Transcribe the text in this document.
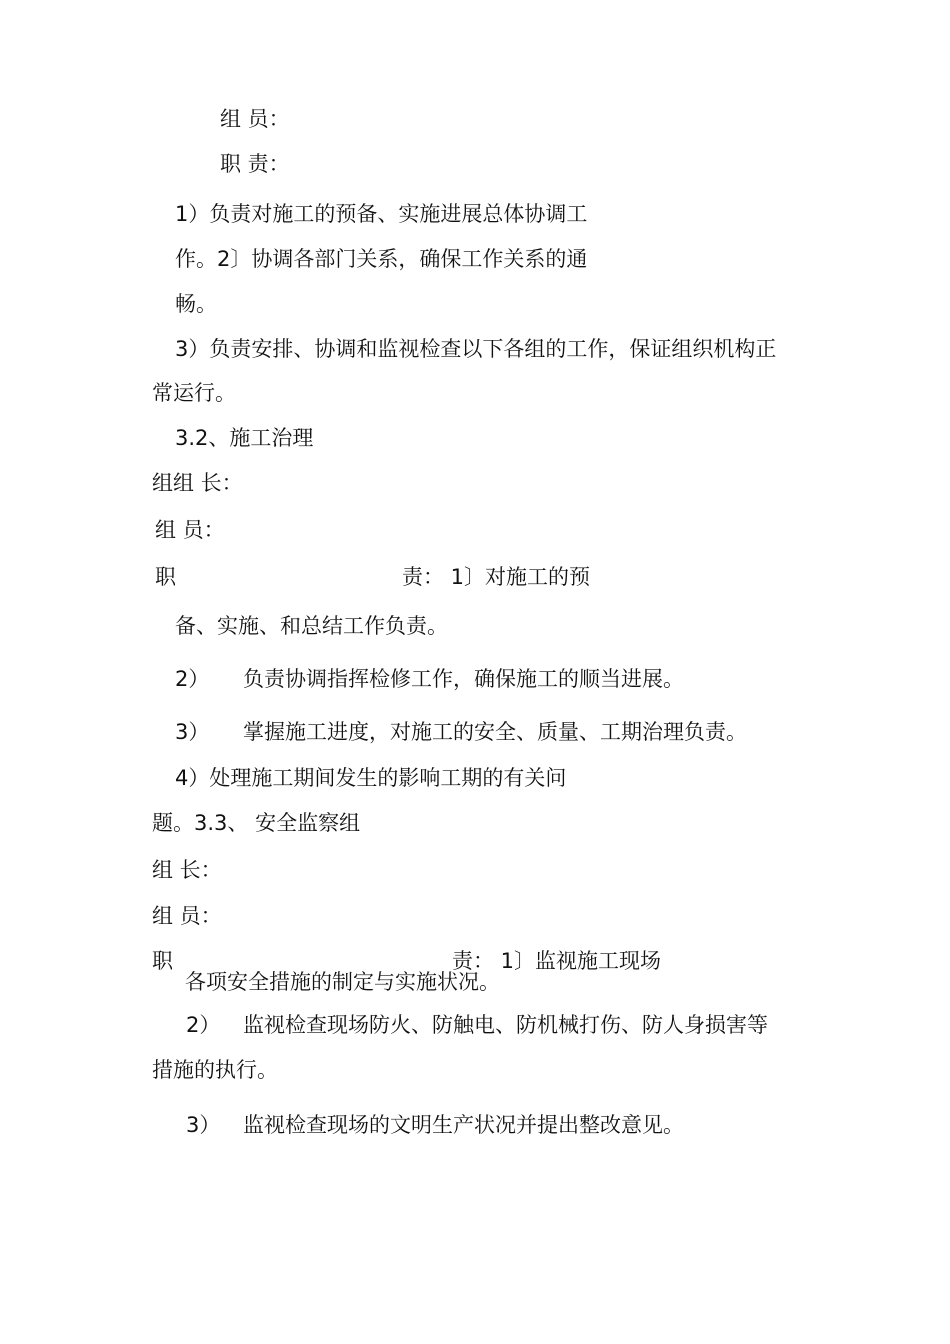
组 员：

职 责：

1）负责对施工的预备、实施进展总体协调工

作。2〕协调各部门关系，确保工作关系的通

畅。

3）负责安排、协调和监视检查以下各组的工作，保证组织机构正

常运行。

3.2、施工治理

组组 长：

组 员：

职	责： 1〕对施工的预

备、实施、和总结工作负责。

2） 负责协调指挥检修工作，确保施工的顺当进展。

3） 掌握施工进度，对施工的安全、质量、工期治理负责。

4）处理施工期间发生的影响工期的有关问

题。3.3、 安全监察组

组 长：

组 员：

职	责： 1〕监视施工现场

各项安全措施的制定与实施状况。

2） 监视检查现场防火、防触电、防机械打伤、防人身损害等

措施的执行。

3） 监视检查现场的文明生产状况并提出整改意见。
